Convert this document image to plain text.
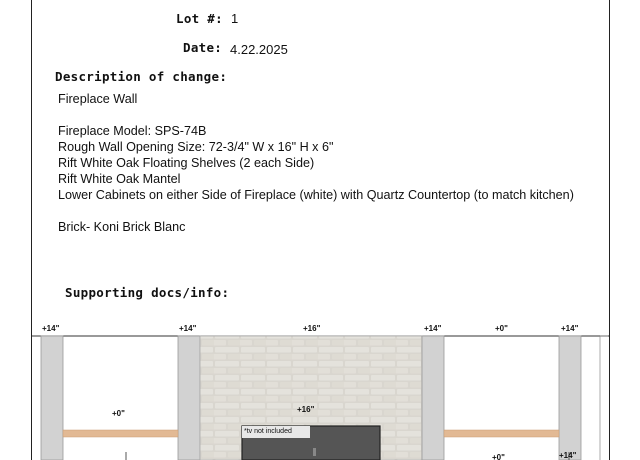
Lot #: 1
Date: 4.22.2025
Description of change:
Fireplace Wall
Fireplace Model: SPS-74B
Rough Wall Opening Size: 72-3/4" W x 16" H x 6"
Rift White Oak Floating Shelves (2 each Side)
Rift White Oak Mantel
Lower Cabinets on either Side of Fireplace (white) with Quartz Countertop (to match kitchen)
Brick- Koni Brick Blanc
Supporting docs/info:
+14"	+14"	+16"	+14"	+0"	+14"
+0"	+16"
*tv not included
+0"	+14"
